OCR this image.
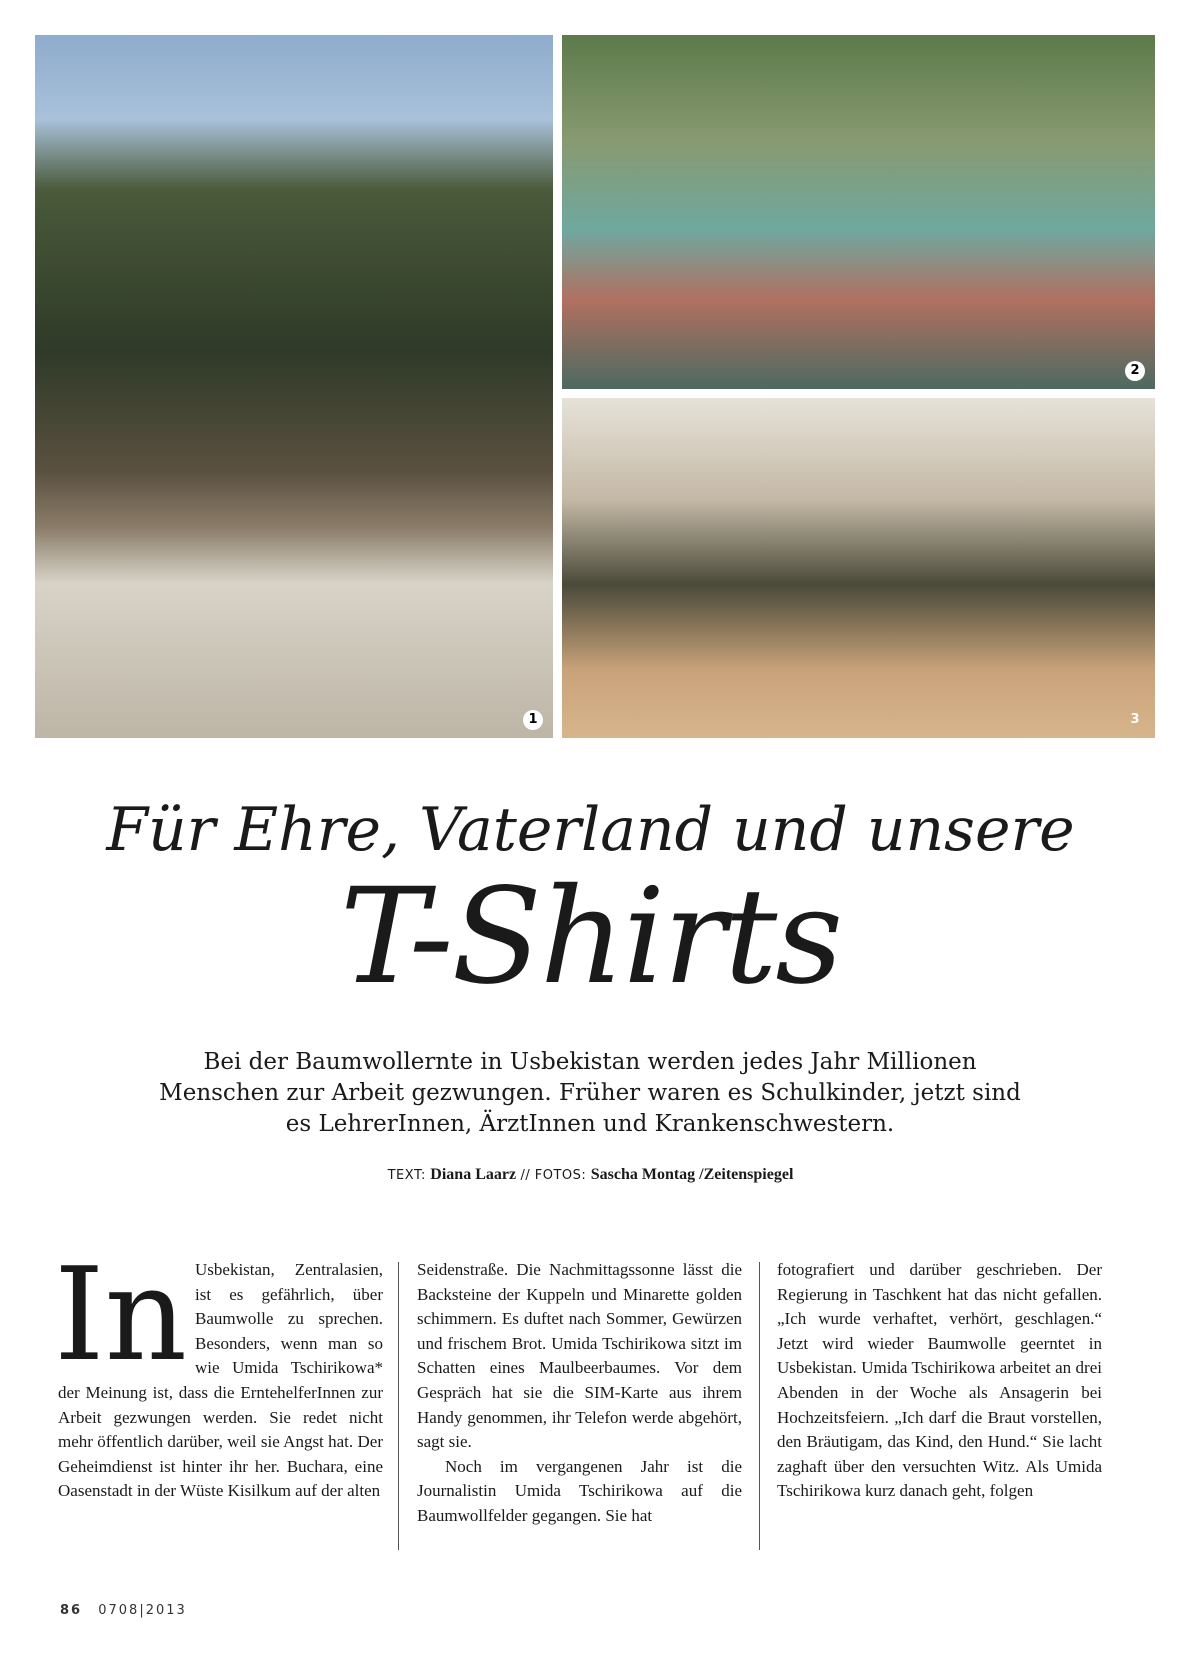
1
2
3
Für Ehre, Vaterland und unsere
T-Shirts
Bei der Baumwollernte in Usbekistan werden jedes Jahr Millionen Menschen zur Arbeit gezwungen. Früher waren es Schulkinder, jetzt sind es LehrerInnen, ÄrztInnen und Krankenschwestern.
TEXT: Diana Laarz // FOTOS: Sascha Montag /Zeitenspiegel
In Usbekistan, Zentralasien, ist es gefährlich, über Baumwolle zu sprechen. Besonders, wenn man so wie Umida Tschirikowa* der Meinung ist, dass die ErntehelferInnen zur Arbeit gezwungen werden. Sie redet nicht mehr öffentlich darüber, weil sie Angst hat. Der Geheimdienst ist hinter ihr her. Buchara, eine Oasenstadt in der Wüste Kisilkum auf der alten
Seidenstraße. Die Nachmittagssonne lässt die Backsteine der Kuppeln und Minarette golden schimmern. Es duftet nach Sommer, Gewürzen und frischem Brot. Umida Tschirikowa sitzt im Schatten eines Maulbeerbaumes. Vor dem Gespräch hat sie die SIM-Karte aus ihrem Handy genommen, ihr Telefon werde abgehört, sagt sie.
Noch im vergangenen Jahr ist die Journalistin Umida Tschirikowa auf die Baumwollfelder gegangen. Sie hat
fotografiert und darüber geschrieben. Der Regierung in Taschkent hat das nicht gefallen. „Ich wurde verhaftet, verhört, geschlagen.“ Jetzt wird wieder Baumwolle geerntet in Usbekistan. Umida Tschirikowa arbeitet an drei Abenden in der Woche als Ansagerin bei Hochzeitsfeiern. „Ich darf die Braut vorstellen, den Bräutigam, das Kind, den Hund.“ Sie lacht zaghaft über den versuchten Witz. Als Umida Tschirikowa kurz danach geht, folgen
86 0708|2013
